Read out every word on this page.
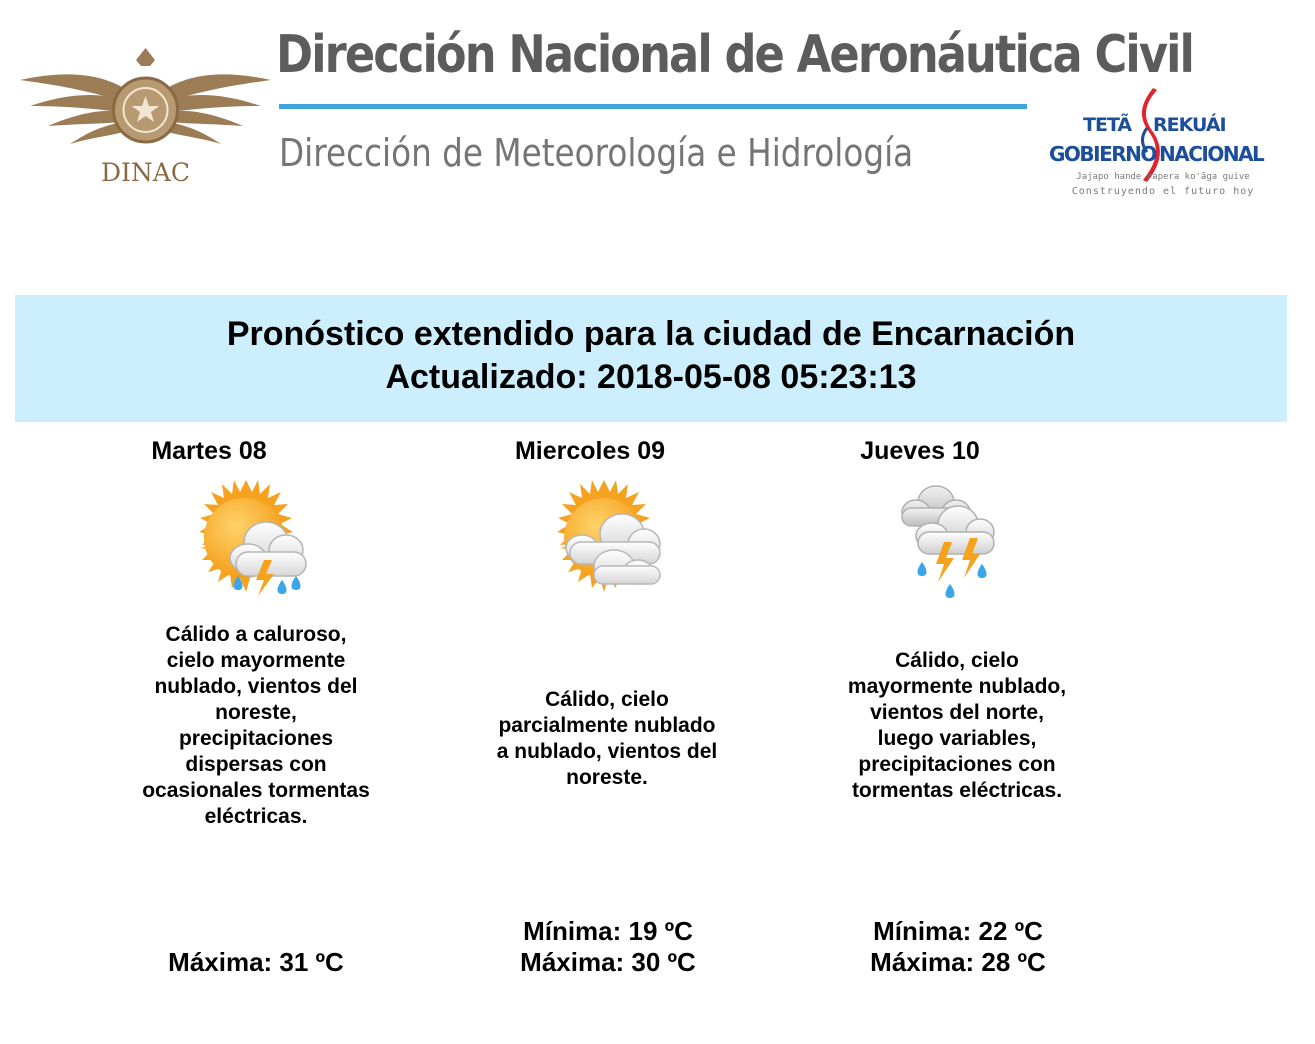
DINAC
Dirección Nacional de Aeronáutica Civil
Dirección de Meteorología e Hidrología
TETÃ REKUÁI
GOBIERNO NACIONAL
Jajapo hande rapera ko'ãga guive
Construyendo el futuro hoy
Pronóstico extendido para la ciudad de Encarnación
Actualizado: 2018-05-08 05:23:13
Martes 08
Cálido a caluroso, cielo mayormente nublado, vientos del noreste, precipitaciones dispersas con ocasionales tormentas eléctricas.
Máxima: 31 ºC
Miercoles 09
Cálido, cielo parcialmente nublado a nublado, vientos del noreste.
Mínima: 19 ºC
Máxima: 30 ºC
Jueves 10
Cálido, cielo mayormente nublado, vientos del norte, luego variables, precipitaciones con tormentas eléctricas.
Mínima: 22 ºC
Máxima: 28 ºC
